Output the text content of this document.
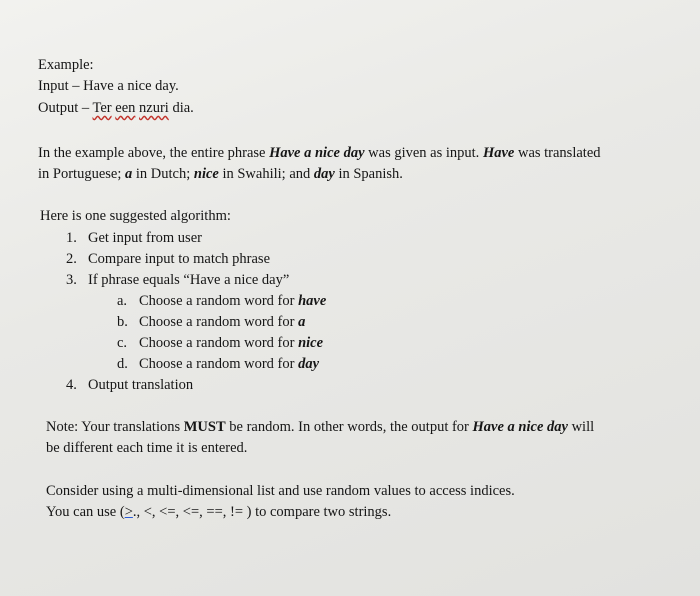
Example:
Input – Have a nice day.
Output – Ter een nzuri dia.
In the example above, the entire phrase Have a nice day was given as input. Have was translated
in Portuguese; a in Dutch; nice in Swahili; and day in Spanish.
Here is one suggested algorithm:
1. Get input from user
2. Compare input to match phrase
3. If phrase equals “Have a nice day”
a. Choose a random word for have
b. Choose a random word for a
c. Choose a random word for nice
d. Choose a random word for day
4. Output translation
Note: Your translations MUST be random. In other words, the output for Have a nice day will
be different each time it is entered.
Consider using a multi-dimensional list and use random values to access indices.
You can use (>., <, <=, <=, ==, != ) to compare two strings.
